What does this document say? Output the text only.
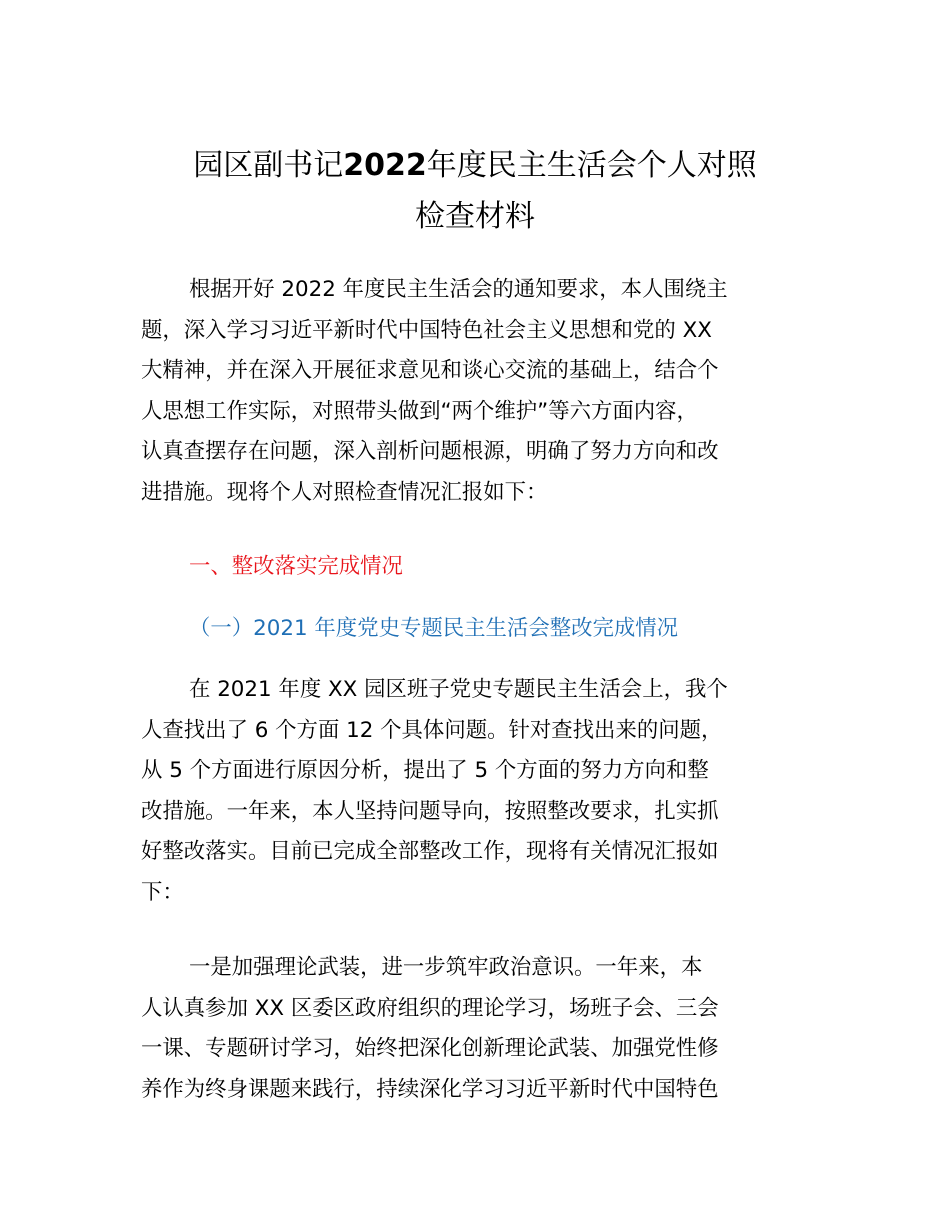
园区副书记2022年度民主生活会个人对照
检查材料
根据开好 2022 年度民主生活会的通知要求，本人围绕主
题，深入学习习近平新时代中国特色社会主义思想和党的 XX
大精神，并在深入开展征求意见和谈心交流的基础上，结合个
人思想工作实际，对照带头做到“两个维护”等六方面内容，
认真查摆存在问题，深入剖析问题根源，明确了努力方向和改
进措施。现将个人对照检查情况汇报如下：
一、整改落实完成情况
（一）2021 年度党史专题民主生活会整改完成情况
在 2021 年度 XX 园区班子党史专题民主生活会上，我个
人查找出了 6 个方面 12 个具体问题。针对查找出来的问题，
从 5 个方面进行原因分析，提出了 5 个方面的努力方向和整
改措施。一年来，本人坚持问题导向，按照整改要求，扎实抓
好整改落实。目前已完成全部整改工作，现将有关情况汇报如
下：
一是加强理论武装，进一步筑牢政治意识。一年来，本
人认真参加 XX 区委区政府组织的理论学习，场班子会、三会
一课、专题研讨学习，始终把深化创新理论武装、加强党性修
养作为终身课题来践行，持续深化学习习近平新时代中国特色
